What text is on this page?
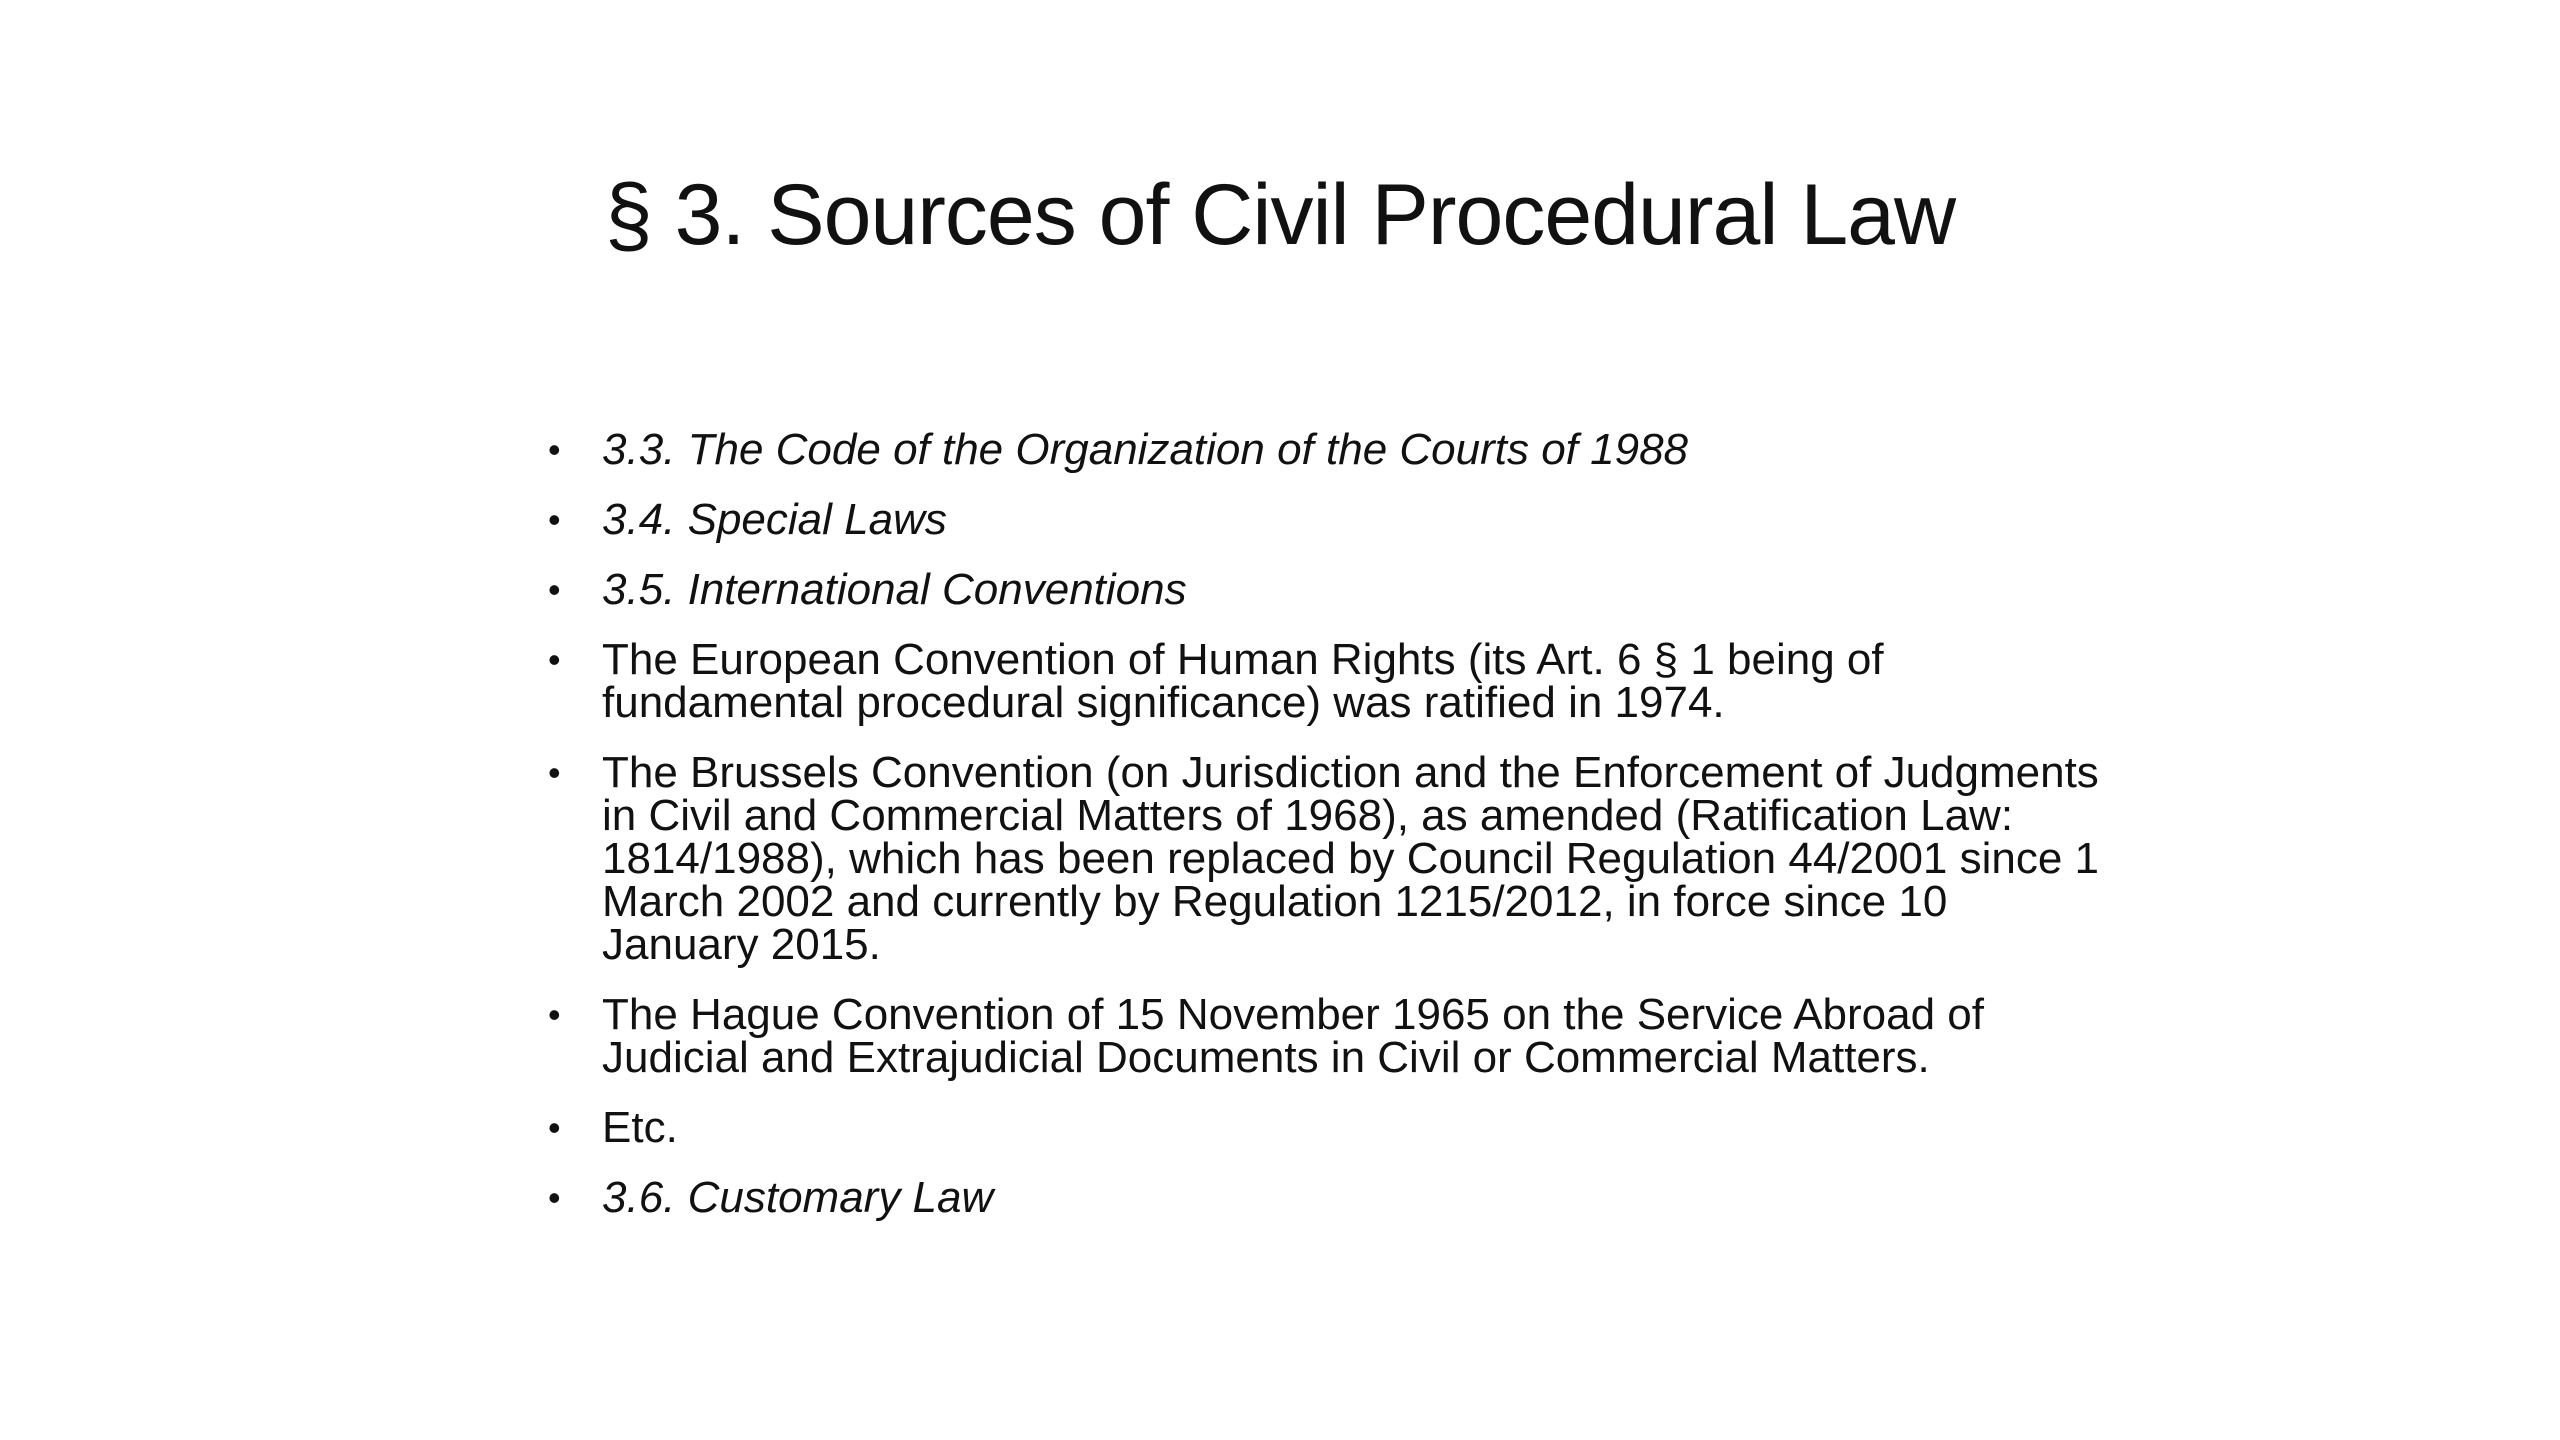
§ 3. Sources of Civil Procedural Law
• 3.3. The Code of the Organization of the Courts of 1988
• 3.4. Special Laws
• 3.5. International Conventions
• The European Convention of Human Rights (its Art. 6 § 1 being of fundamental procedural significance) was ratified in 1974.
• The Brussels Convention (on Jurisdiction and the Enforcement of Judgments in Civil and Commercial Matters of 1968), as amended (Ratification Law: 1814/1988), which has been replaced by Council Regulation 44/2001 since 1 March 2002 and currently by Regulation 1215/2012, in force since 10 January 2015.
• The Hague Convention of 15 November 1965 on the Service Abroad of Judicial and Extrajudicial Documents in Civil or Commercial Matters.
• Etc.
• 3.6. Customary Law
